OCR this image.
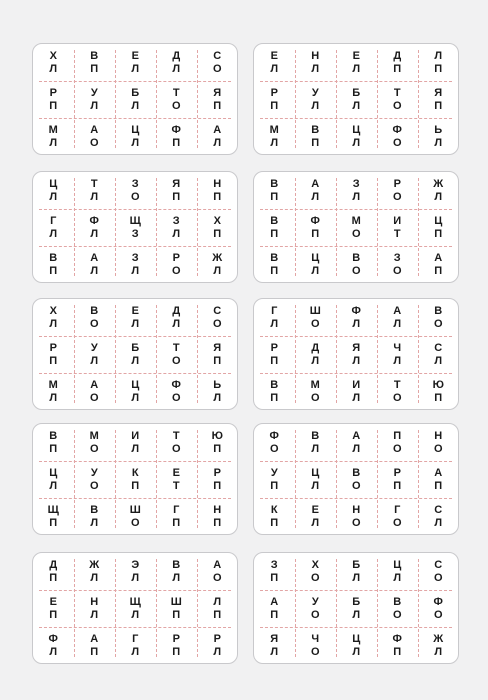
Х
Л
В
П
Е
Л
Д
Л
С
О
Р
П
У
Л
Б
Л
Т
О
Я
П
М
Л
А
О
Ц
Л
Ф
П
А
Л
Е
Л
Н
Л
Е
Л
Д
П
Л
П
Р
П
У
Л
Б
Л
Т
О
Я
П
М
Л
В
П
Ц
Л
Ф
О
Ь
Л
Ц
Л
Т
Л
З
О
Я
П
Н
П
Г
Л
Ф
Л
Щ
З
З
Л
Х
П
В
П
А
Л
З
Л
Р
О
Ж
Л
В
П
А
Л
З
Л
Р
О
Ж
Л
В
П
Ф
П
М
О
И
Т
Ц
П
В
П
Ц
Л
В
О
З
О
А
П
Х
Л
В
О
Е
Л
Д
Л
С
О
Р
П
У
Л
Б
Л
Т
О
Я
П
М
Л
А
О
Ц
Л
Ф
О
Ь
Л
Г
Л
Ш
О
Ф
Л
А
Л
В
О
Р
П
Д
Л
Я
Л
Ч
Л
С
Л
В
П
М
О
И
Л
Т
О
Ю
П
В
П
М
О
И
Л
Т
О
Ю
П
Ц
Л
У
О
К
П
Е
Т
Р
П
Щ
П
В
Л
Ш
О
Г
П
Н
П
Ф
О
В
Л
А
Л
П
О
Н
О
У
П
Ц
Л
В
О
Р
П
А
П
К
П
Е
Л
Н
О
Г
О
С
Л
Д
П
Ж
Л
Э
Л
В
Л
А
О
Е
П
Н
Л
Щ
Л
Ш
П
Л
П
Ф
Л
А
П
Г
Л
Р
П
Р
Л
З
П
Х
О
Б
Л
Ц
Л
С
О
А
П
У
О
Б
Л
В
О
Ф
О
Я
Л
Ч
О
Ц
Л
Ф
П
Ж
Л
